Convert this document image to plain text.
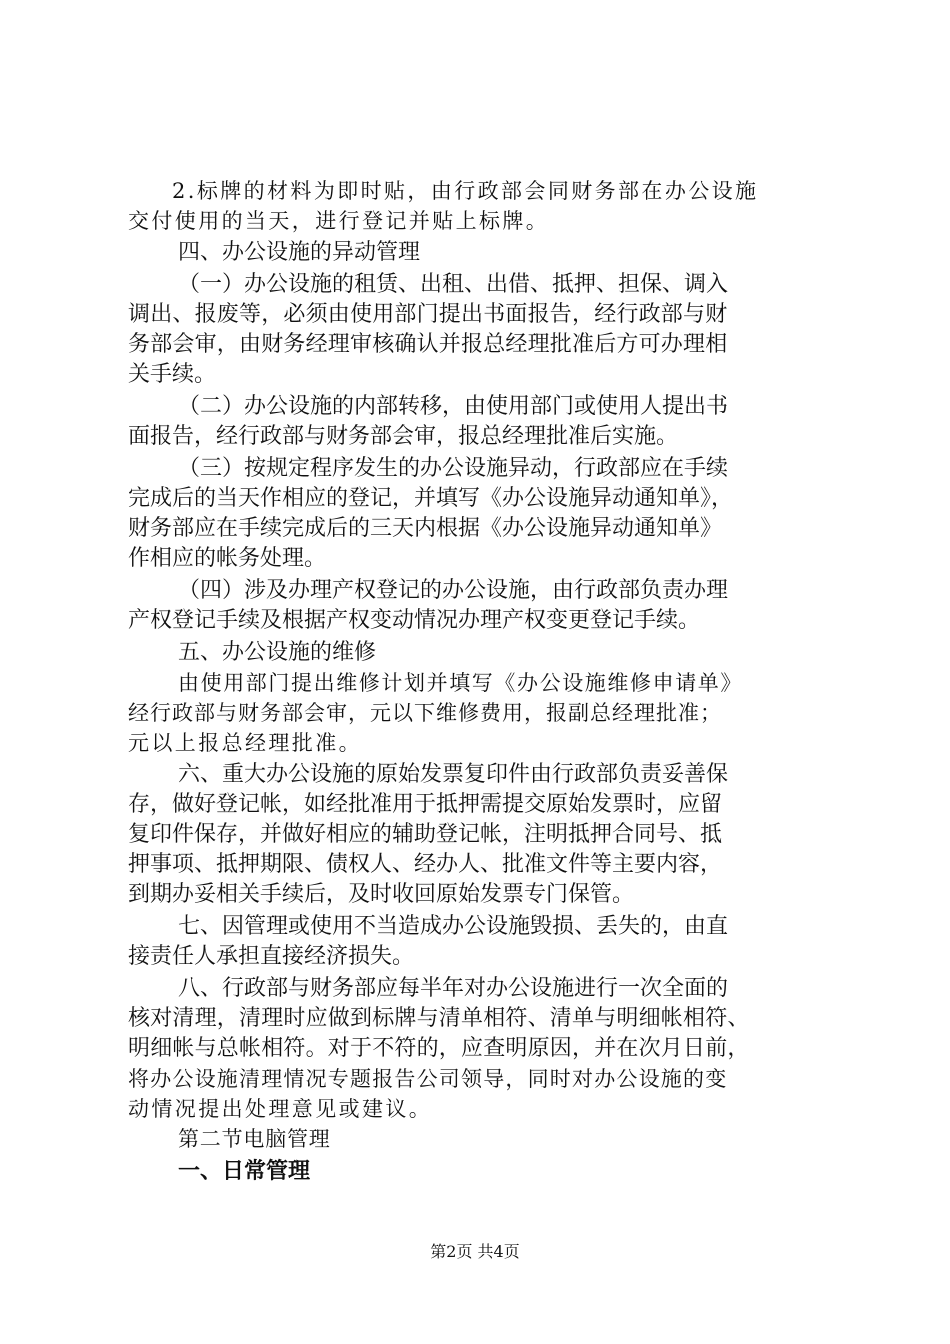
2.标牌的材料为即时贴，由行政部会同财务部在办公设施
交付使用的当天，进行登记并贴上标牌。
四、办公设施的异动管理
（一）办公设施的租赁、出租、出借、抵押、担保、调入
调出、报废等，必须由使用部门提出书面报告，经行政部与财
务部会审，由财务经理审核确认并报总经理批准后方可办理相
关手续。
（二）办公设施的内部转移，由使用部门或使用人提出书
面报告，经行政部与财务部会审，报总经理批准后实施。
（三）按规定程序发生的办公设施异动，行政部应在手续
完成后的当天作相应的登记，并填写《办公设施异动通知单》，
财务部应在手续完成后的三天内根据《办公设施异动通知单》
作相应的帐务处理。
（四）涉及办理产权登记的办公设施，由行政部负责办理
产权登记手续及根据产权变动情况办理产权变更登记手续。
五、办公设施的维修
由使用部门提出维修计划并填写《办公设施维修申请单》
经行政部与财务部会审，元以下维修费用，报副总经理批准；
元以上报总经理批准。
六、重大办公设施的原始发票复印件由行政部负责妥善保
存，做好登记帐，如经批准用于抵押需提交原始发票时，应留
复印件保存，并做好相应的辅助登记帐，注明抵押合同号、抵
押事项、抵押期限、债权人、经办人、批准文件等主要内容，
到期办妥相关手续后，及时收回原始发票专门保管。
七、因管理或使用不当造成办公设施毁损、丢失的，由直
接责任人承担直接经济损失。
八、行政部与财务部应每半年对办公设施进行一次全面的
核对清理，清理时应做到标牌与清单相符、清单与明细帐相符、
明细帐与总帐相符。对于不符的，应查明原因，并在次月日前，
将办公设施清理情况专题报告公司领导，同时对办公设施的变
动情况提出处理意见或建议。
第二节电脑管理
一、日常管理
第2页 共4页
